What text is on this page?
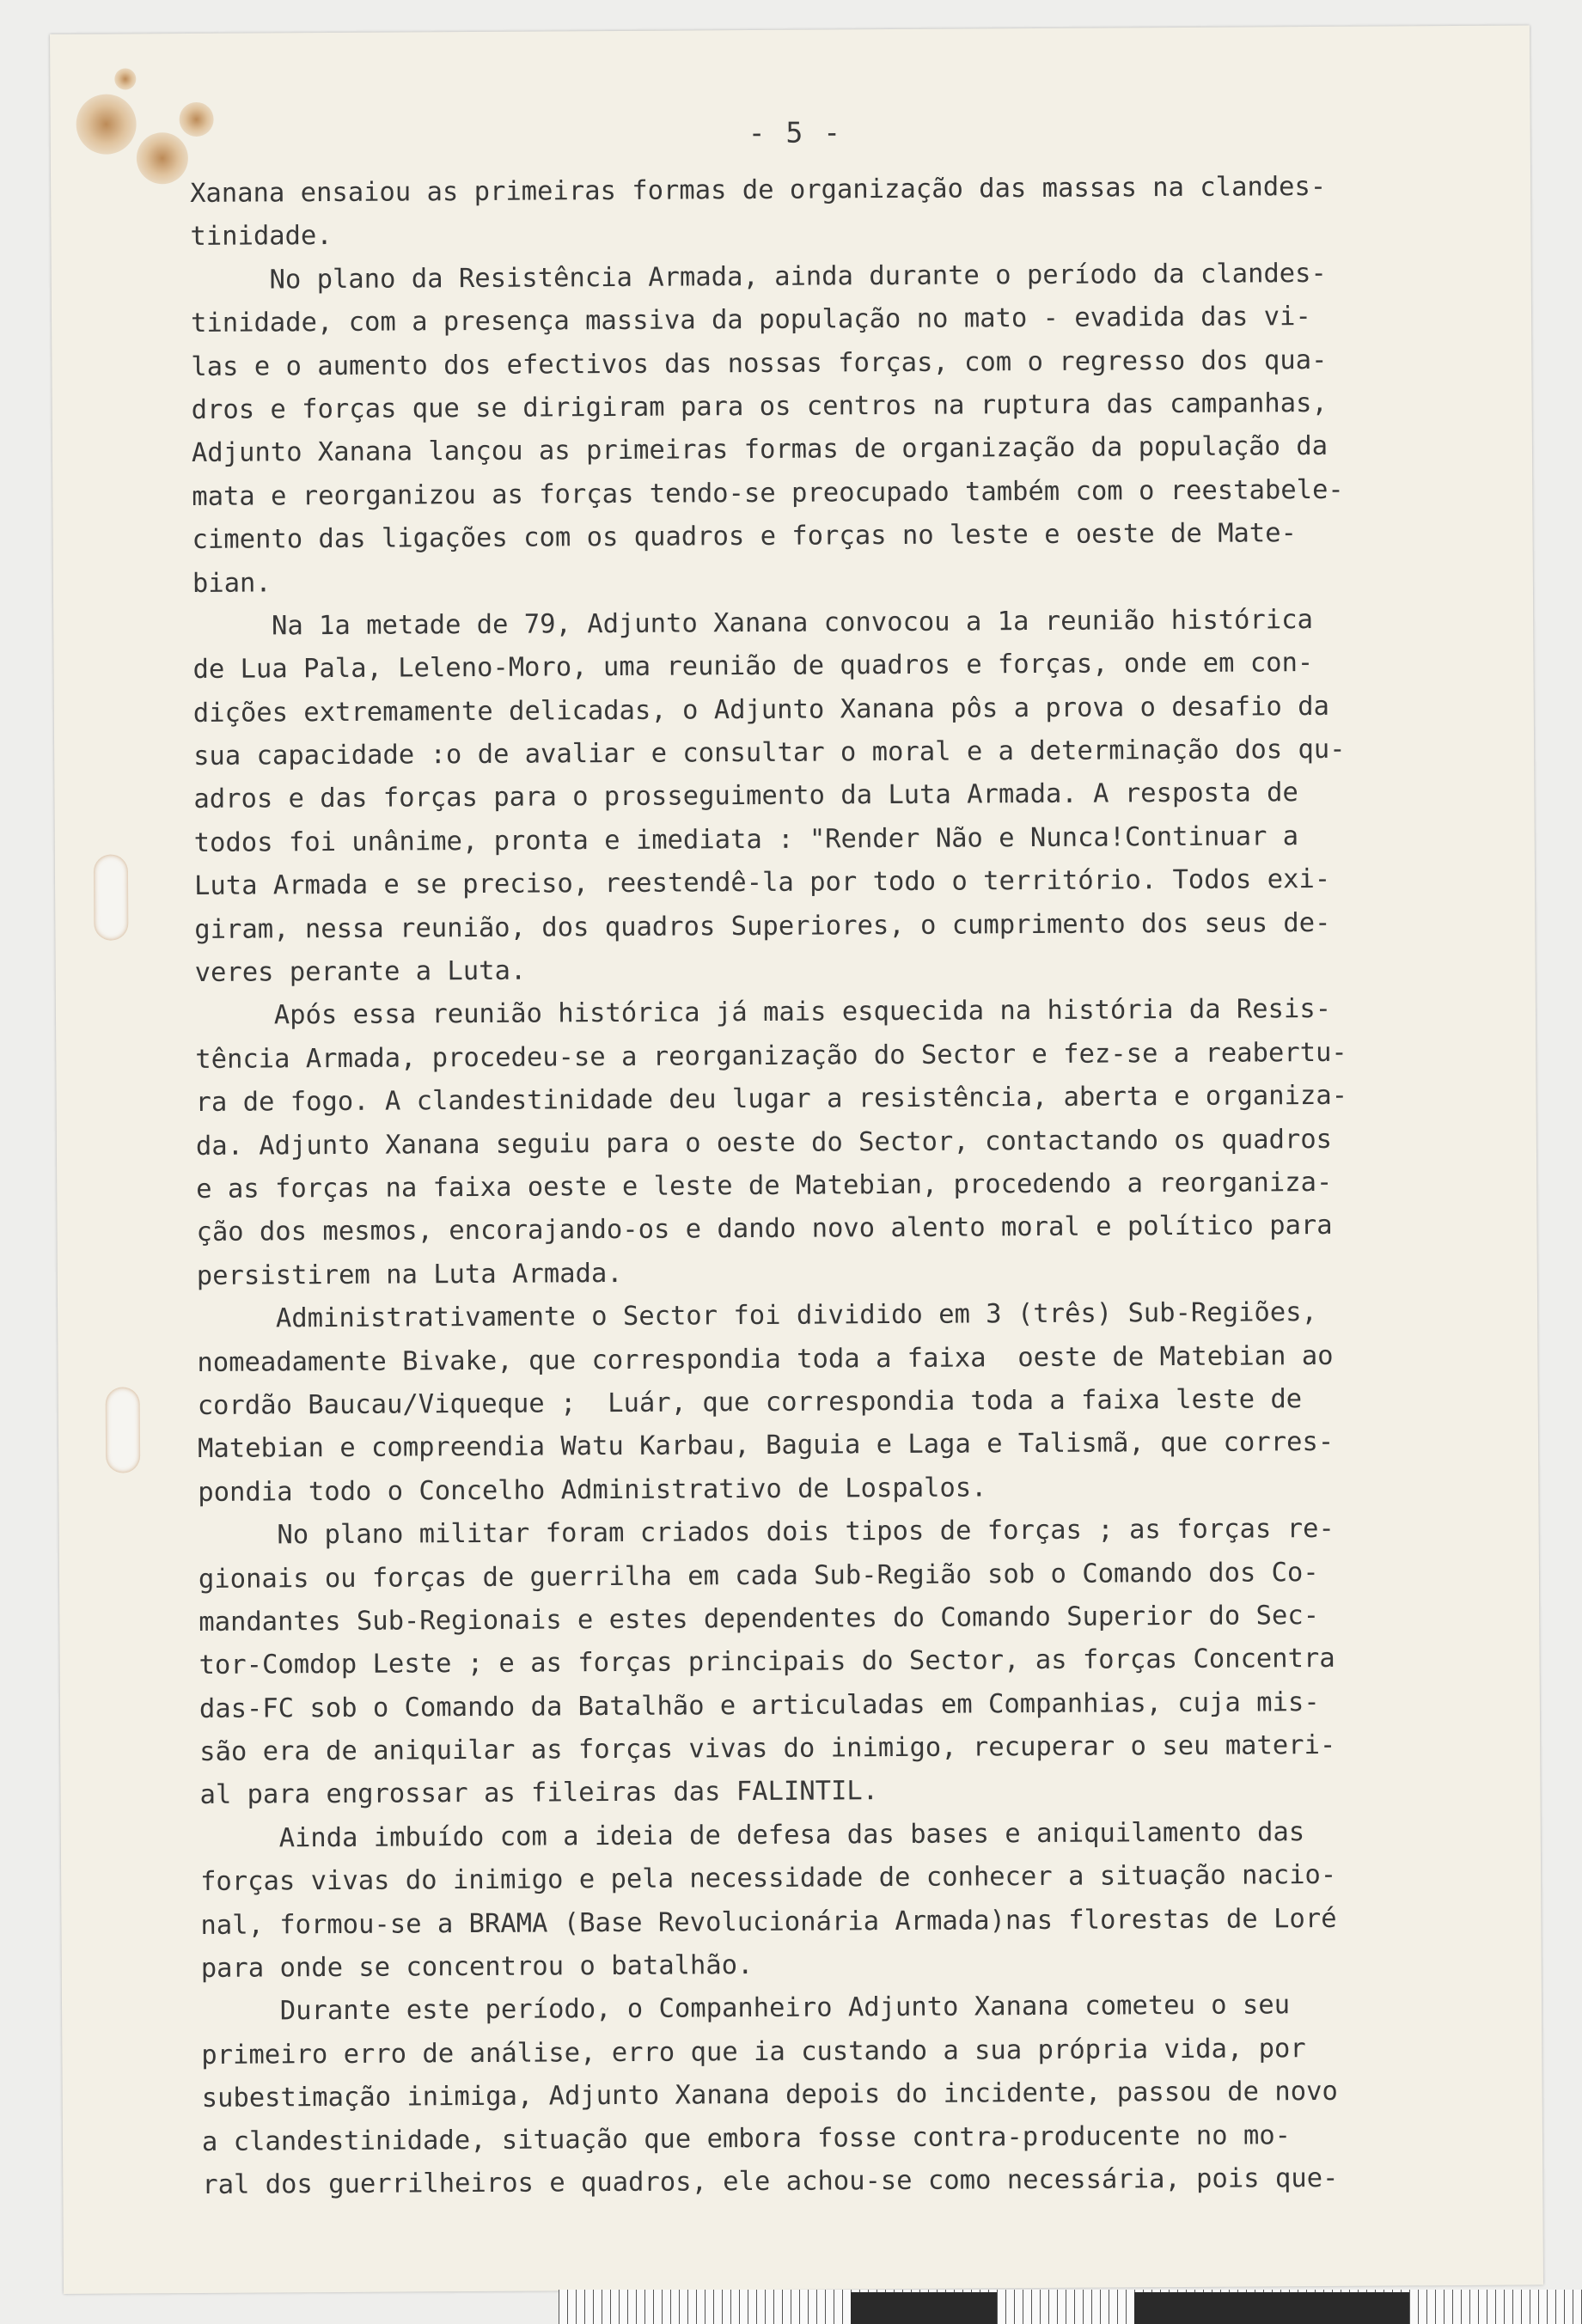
- 5 -
Xanana ensaiou as primeiras formas de organização das massas na clandes-
tinidade.
No plano da Resistência Armada, ainda durante o período da clandes-
tinidade, com a presença massiva da população no mato - evadida das vi-
las e o aumento dos efectivos das nossas forças, com o regresso dos qua-
dros e forças que se dirigiram para os centros na ruptura das campanhas,
Adjunto Xanana lançou as primeiras formas de organização da população da
mata e reorganizou as forças tendo-se preocupado também com o reestabele-
cimento das ligações com os quadros e forças no leste e oeste de Mate-
bian.
Na 1a metade de 79, Adjunto Xanana convocou a 1a reunião histórica
de Lua Pala, Leleno-Moro, uma reunião de quadros e forças, onde em con-
dições extremamente delicadas, o Adjunto Xanana pôs a prova o desafio da
sua capacidade :o de avaliar e consultar o moral e a determinação dos qu-
adros e das forças para o prosseguimento da Luta Armada. A resposta de
todos foi unânime, pronta e imediata : "Render Não e Nunca!Continuar a
Luta Armada e se preciso, reestendê-la por todo o território. Todos exi-
giram, nessa reunião, dos quadros Superiores, o cumprimento dos seus de-
veres perante a Luta.
Após essa reunião histórica já mais esquecida na história da Resis-
tência Armada, procedeu-se a reorganização do Sector e fez-se a reabertu-
ra de fogo. A clandestinidade deu lugar a resistência, aberta e organiza-
da. Adjunto Xanana seguiu para o oeste do Sector, contactando os quadros
e as forças na faixa oeste e leste de Matebian, procedendo a reorganiza-
ção dos mesmos, encorajando-os e dando novo alento moral e político para
persistirem na Luta Armada.
Administrativamente o Sector foi dividido em 3 (três) Sub-Regiões,
nomeadamente Bivake, que correspondia toda a faixa  oeste de Matebian ao
cordão Baucau/Viqueque ;  Luár, que correspondia toda a faixa leste de
Matebian e compreendia Watu Karbau, Baguia e Laga e Talismã, que corres-
pondia todo o Concelho Administrativo de Lospalos.
No plano militar foram criados dois tipos de forças ; as forças re-
gionais ou forças de guerrilha em cada Sub-Região sob o Comando dos Co-
mandantes Sub-Regionais e estes dependentes do Comando Superior do Sec-
tor-Comdop Leste ; e as forças principais do Sector, as forças Concentra
das-FC sob o Comando da Batalhão e articuladas em Companhias, cuja mis-
são era de aniquilar as forças vivas do inimigo, recuperar o seu materi-
al para engrossar as fileiras das FALINTIL.
Ainda imbuído com a ideia de defesa das bases e aniquilamento das
forças vivas do inimigo e pela necessidade de conhecer a situação nacio-
nal, formou-se a BRAMA (Base Revolucionária Armada)nas florestas de Loré
para onde se concentrou o batalhão.
Durante este período, o Companheiro Adjunto Xanana cometeu o seu
primeiro erro de análise, erro que ia custando a sua própria vida, por
subestimação inimiga, Adjunto Xanana depois do incidente, passou de novo
a clandestinidade, situação que embora fosse contra-producente no mo-
ral dos guerrilheiros e quadros, ele achou-se como necessária, pois que-
